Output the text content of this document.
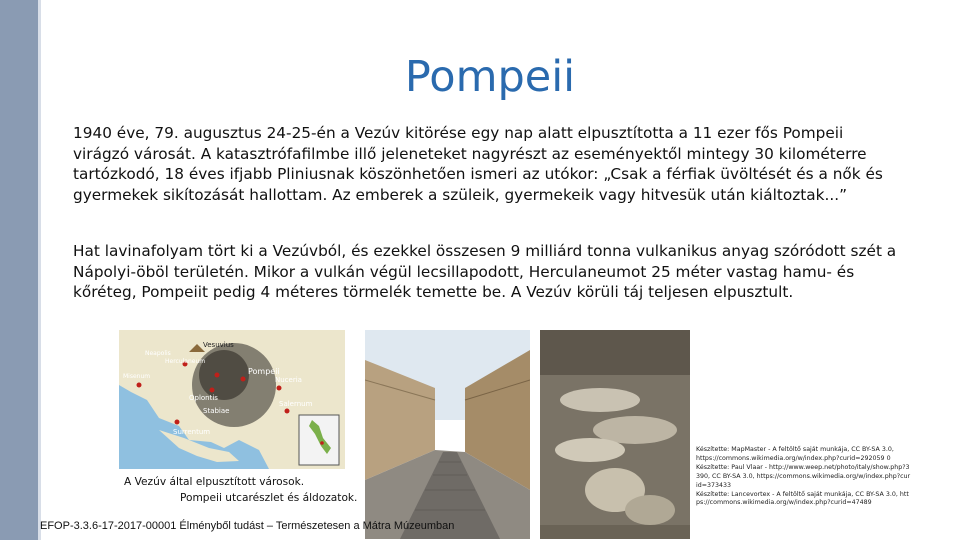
Pompeii

1940 éve, 79. augusztus 24-25-én a Vezúv kitörése egy nap alatt elpusztította a 11 ezer fős Pompeii virágzó városát. A katasztrófafilmbe illő jeleneteket nagyrészt az eseményektől mintegy 30 kilométerre tartózkodó, 18 éves ifjabb Pliniusnak köszönhetően ismeri az utókor: „Csak a férfiak üvöltését és a nők és gyermekek sikítozását hallottam. Az emberek a szüleik, gyermekeik vagy hitvesük után kiáltoztak...”

Hat lavinafolyam tört ki a Vezúvból, és ezekkel összesen 9 milliárd tonna vulkanikus anyag szóródott szét a Nápolyi-öböl területén. Mikor a vulkán végül lecsillapodott, Herculaneumot 25 méter vastag hamu- és kőréteg, Pompeiit pedig 4 méteres törmelék temette be. A Vezúv körüli táj teljesen elpusztult.

Vesuvius
Pompeii
Herculaneum
Misenum
Neapolis
Oplontis
Stabiae
Nuceria
Salernum
Surrentum
A Vezúv által elpusztított városok.
Pompeii utcarészlet és áldozatok.
EFOP-3.3.6-17-2017-00001 Élményből tudást – Természetesen a Mátra Múzeumban
Készítette: MapMaster - A feltöltő saját munkája, CC BY-SA 3.0,
https://commons.wikimedia.org/w/index.php?curid=292059 0
Készítette: Paul Vlaar - http://www.weep.net/photo/italy/show.php?3390, CC BY-SA 3.0, https://commons.wikimedia.org/w/index.php?curid=373433
Készítette: Lancevortex - A feltöltő saját munkája, CC BY-SA 3.0, https://commons.wikimedia.org/w/index.php?curid=47489
